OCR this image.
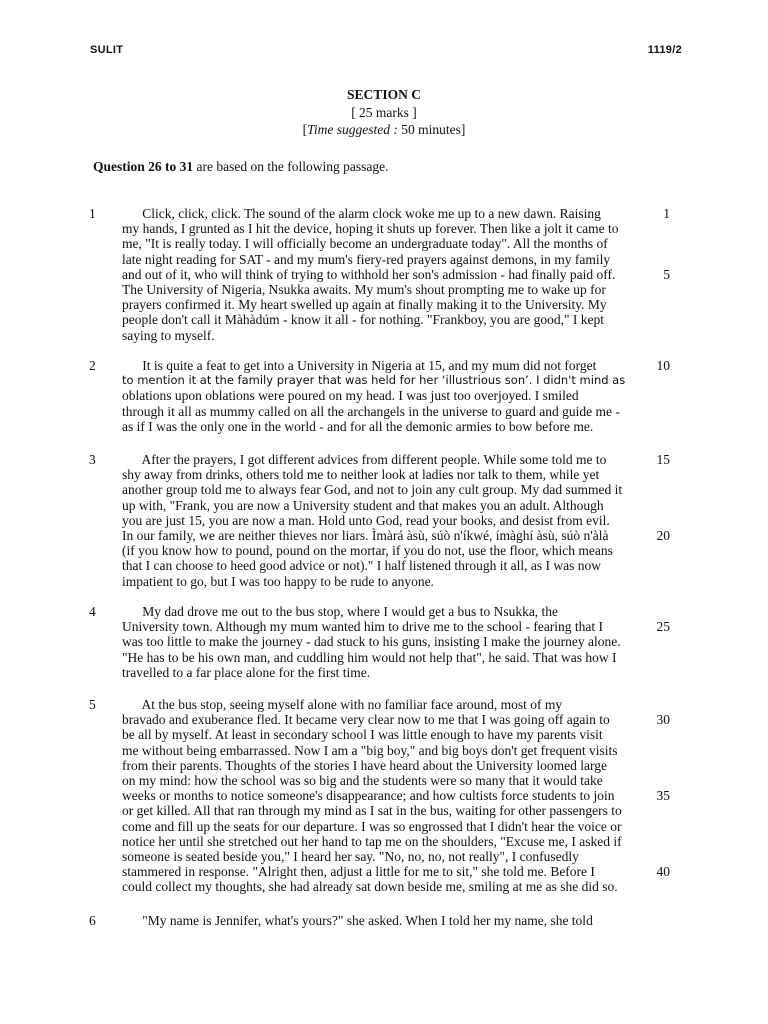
SULIT	1119/2
SECTION C
[ 25 marks ]
[Time suggested : 50 minutes]
Question 26 to 31 are based on the following passage.
1 Click, click, click. The sound of the alarm clock woke me up to a new dawn. Raising	1
my hands, I grunted as I hit the device, hoping it shuts up forever. Then like a jolt it came to
me, "It is really today. I will officially become an undergraduate today". All the months of
late night reading for SAT - and my mum's fiery-red prayers against demons, in my family
and out of it, who will think of trying to withhold her son's admission - had finally paid off.	5
The University of Nigeria, Nsukka awaits. My mum's shout prompting me to wake up for
prayers confirmed it. My heart swelled up again at finally making it to the University. My
people don't call it Màhàdúm - know it all - for nothing. "Frankboy, you are good," I kept
saying to myself.
2 It is quite a feat to get into a University in Nigeria at 15, and my mum did not forget	10
to mention it at the family prayer that was held for her ‘illustrious son’. I didn't mind as
oblations upon oblations were poured on my head. I was just too overjoyed. I smiled
through it all as mummy called on all the archangels in the universe to guard and guide me -
as if I was the only one in the world - and for all the demonic armies to bow before me.
3 After the prayers, I got different advices from different people. While some told me to	15
shy away from drinks, others told me to neither look at ladies nor talk to them, while yet
another group told me to always fear God, and not to join any cult group. My dad summed it
up with, "Frank, you are now a University student and that makes you an adult. Although
you are just 15, you are now a man. Hold unto God, read your books, and desist from evil.
In our family, we are neither thieves nor liars. Ìmàrá àsù, súò n'íkwé, ímàghí àsù, súò n'àlà	20
(if you know how to pound, pound on the mortar, if you do not, use the floor, which means
that I can choose to heed good advice or not)." I half listened through it all, as I was now
impatient to go, but I was too happy to be rude to anyone.
4 My dad drove me out to the bus stop, where I would get a bus to Nsukka, the
University town. Although my mum wanted him to drive me to the school - fearing that I	25
was too little to make the journey - dad stuck to his guns, insisting I make the journey alone.
"He has to be his own man, and cuddling him would not help that", he said. That was how I
travelled to a far place alone for the first time.
5 At the bus stop, seeing myself alone with no familiar face around, most of my
bravado and exuberance fled. It became very clear now to me that I was going off again to	30
be all by myself. At least in secondary school I was little enough to have my parents visit
me without being embarrassed. Now I am a "big boy," and big boys don't get frequent visits
from their parents. Thoughts of the stories I have heard about the University loomed large
on my mind: how the school was so big and the students were so many that it would take
weeks or months to notice someone's disappearance; and how cultists force students to join	35
or get killed. All that ran through my mind as I sat in the bus, waiting for other passengers to
come and fill up the seats for our departure. I was so engrossed that I didn't hear the voice or
notice her until she stretched out her hand to tap me on the shoulders, "Excuse me, I asked if
someone is seated beside you," I heard her say. "No, no, no, not really", I confusedly
stammered in response. "Alright then, adjust a little for me to sit," she told me. Before I	40
could collect my thoughts, she had already sat down beside me, smiling at me as she did so.
6 "My name is Jennifer, what's yours?" she asked. When I told her my name, she told
